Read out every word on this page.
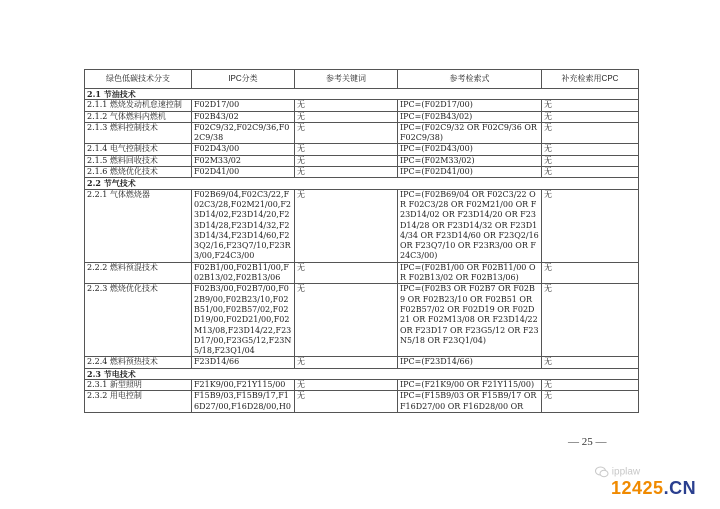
绿色低碳技术分支	IPC分类	参考关键词	参考检索式	补充检索用CPC
2.1 节油技术				
2.1.1 燃烧发动机怠速控制	F02D17/00	无	IPC=(F02D17/00)	无
2.1.2 气体燃料内燃机	F02B43/02	无	IPC=(F02B43/02)	无
2.1.3 燃料控制技术	F02C9/32,F02C9/36,F02C9/38	无	IPC=(F02C9/32 OR F02C9/36 OR F02C9/38)	无
2.1.4 电气控制技术	F02D43/00	无	IPC=(F02D43/00)	无
2.1.5 燃料回收技术	F02M33/02	无	IPC=(F02M33/02)	无
2.1.6 燃烧优化技术	F02D41/00	无	IPC=(F02D41/00)	无
2.2 节气技术				
2.2.1 气体燃烧器	F02B69/04,F02C3/22,F02C3/28,F02M21/00,F23D14/02,F23D14/20,F23D14/28,F23D14/32,F23D14/34,F23D14/60,F23Q2/16,F23Q7/10,F23R3/00,F24C3/00	无	IPC=(F02B69/04 OR F02C3/22 OR F02C3/28 OR F02M21/00 OR F23D14/02 OR F23D14/20 OR F23D14/28 OR F23D14/32 OR F23D14/34 OR F23D14/60 OR F23Q2/16 OR F23Q7/10 OR F23R3/00 OR F24C3/00)	无
2.2.2 燃料预混技术	F02B1/00,F02B11/00,F02B13/02,F02B13/06	无	IPC=(F02B1/00 OR F02B11/00 OR F02B13/02 OR F02B13/06)	无
2.2.3 燃烧优化技术	F02B3/00,F02B7/00,F02B9/00,F02B23/10,F02B51/00,F02B57/02,F02D19/00,F02D21/00,F02M13/08,F23D14/22,F23D17/00,F23G5/12,F23N5/18,F23Q1/04	无	IPC=(F02B3 OR F02B7 OR F02B9 OR F02B23/10 OR F02B51 OR F02B57/02 OR F02D19 OR F02D21 OR F02M13/08 OR F23D14/22 OR F23D17 OR F23G5/12 OR F23N5/18 OR F23Q1/04)	无
2.2.4 燃料预热技术	F23D14/66	无	IPC=(F23D14/66)	无
2.3 节电技术				
2.3.1 新型照明	F21K9/00,F21Y115/00	无	IPC=(F21K9/00 OR F21Y115/00)	无
2.3.2 用电控制	F15B9/03,F15B9/17,F16D27/00,F16D28/00,H0	无	IPC=(F15B9/03 OR F15B9/17 OR F16D27/00 OR F16D28/00 OR	无
— 25 —
ipplaw
12425.CN
